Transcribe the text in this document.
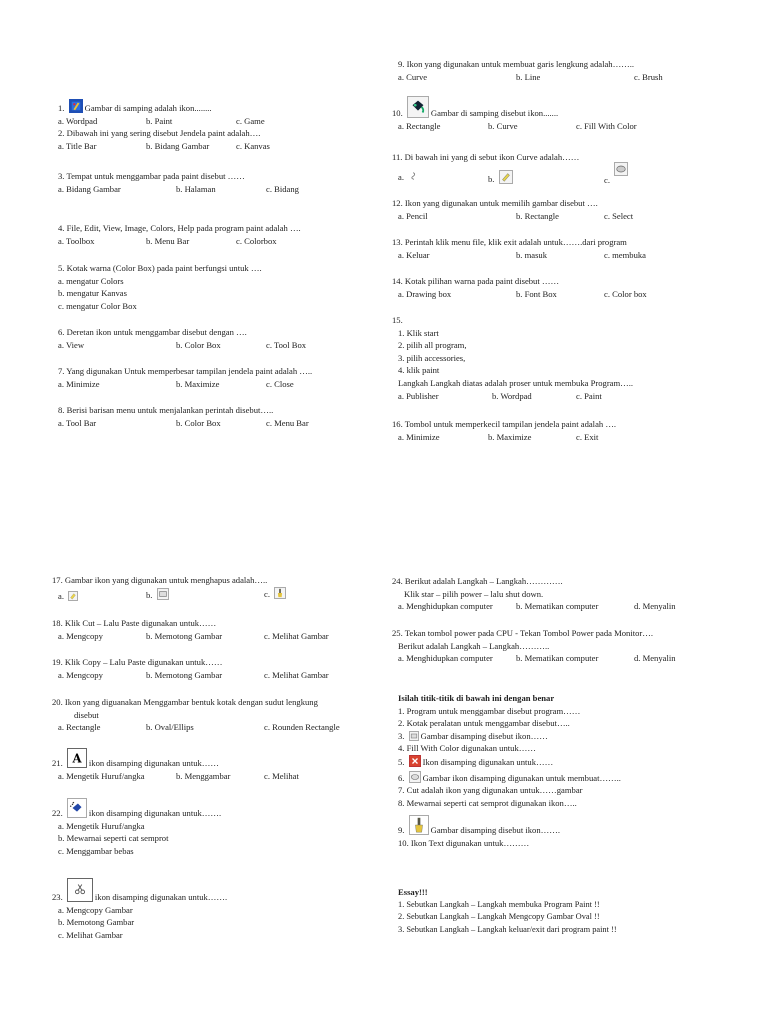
1. Gambar di samping adalah ikon........
a. Wordpad	b. Paint	c. Game
2. Dibawah ini yang sering disebut Jendela paint adalah….
a. Title Bar	b. Bidang Gambar	c. Kanvas
3. Tempat untuk menggambar pada paint disebut ……
a. Bidang Gambar	b. Halaman	c. Bidang
4. File, Edit, View, Image, Colors, Help pada program paint adalah ….
a. Toolbox	b. Menu Bar	c. Colorbox
5. Kotak warna (Color Box) pada paint berfungsi untuk ….
a. mengatur Colors
b. mengatur Kanvas
c. mengatur Color Box
6. Deretan ikon untuk menggambar disebut dengan ….
a. View	b. Color Box	c. Tool Box
7. Yang digunakan Untuk memperbesar tampilan jendela paint adalah …..
a. Minimize	b. Maximize	c. Close
8. Berisi barisan menu untuk menjalankan perintah disebut…..
a. Tool Bar	b. Color Box	c. Menu Bar
9. Ikon yang digunakan untuk membuat garis lengkung adalah……..
a. Curve	b. Line	c. Brush
10.	Gambar di samping disebut ikon.......
a. Rectangle	b. Curve	c. Fill With Color
11. Di bawah ini yang di sebut ikon Curve adalah……
a.	b.	c.
12. Ikon yang digunakan untuk memilih gambar disebut ….
a. Pencil	b. Rectangle	c. Select
13. Perintah klik menu file, klik exit adalah untuk…….dari program
a. Keluar	b. masuk	c. membuka
14. Kotak pilihan warna pada paint disebut ……
a. Drawing box	b. Font Box	c. Color box
15.
1. Klik start
2. pilih all program,
3. pilih accessories,
4. klik paint
Langkah Langkah diatas adalah proser untuk membuka Program…..
a. Publisher	b. Wordpad	c. Paint
16. Tombol untuk memperkecil tampilan jendela paint adalah ….
a. Minimize	b. Maximize	c. Exit
17. Gambar ikon yang digunakan untuk menghapus adalah…..
a.	b.	c.
18. Klik Cut – Lalu Paste digunakan untuk……
a. Mengcopy	b. Memotong Gambar	c. Melihat Gambar
19. Klik Copy – Lalu Paste digunakan untuk……
a. Mengcopy	b. Memotong Gambar	c. Melihat Gambar
20. Ikon yang diguanakan Menggambar bentuk kotak dengan sudut lengkung
disebut
a. Rectangle	b. Oval/Ellips	c. Rounden Rectangle
21. A ikon disamping digunakan untuk……
a. Mengetik Huruf/angka	b. Menggambar	c. Melihat
22.	ikon disamping digunakan untuk…….
a. Mengetik Huruf/angka
b. Mewarnai seperti cat semprot
c. Menggambar bebas
23.	ikon disamping digunakan untuk…….
a. Mengcopy Gambar
b. Memotong Gambar
c. Melihat Gambar
24. Berikut adalah Langkah – Langkah………….
Klik star – pilih power – lalu shut down.
a. Menghidupkan computer	b. Mematikan computer	d. Menyalin
25. Tekan tombol power pada CPU - Tekan Tombol Power pada Monitor….
Berikut adalah Langkah – Langkah………..
a. Menghidupkan computer	b. Mematikan computer	d. Menyalin
Isilah titik-titik di bawah ini dengan benar
1. Program untuk menggambar disebut program……
2. Kotak peralatan untuk menggambar disebut…..
3. Gambar disamping disebut ikon……
4. Fill With Color digunakan untuk……
5. Ikon disamping digunakan untuk……
6. Gambar ikon disamping digunakan untuk membuat……..
7. Cut adalah ikon yang digunakan untuk……gambar
8. Mewarnai seperti cat semprot digunakan ikon…..
9.	Gambar disamping disebut ikon…….
10. Ikon Text digunakan untuk………
Essay!!!
1. Sebutkan Langkah – Langkah membuka Program Paint !!
2. Sebutkan Langkah – Langkah Mengcopy Gambar Oval !!
3. Sebutkan Langkah – Langkah keluar/exit dari program paint !!
